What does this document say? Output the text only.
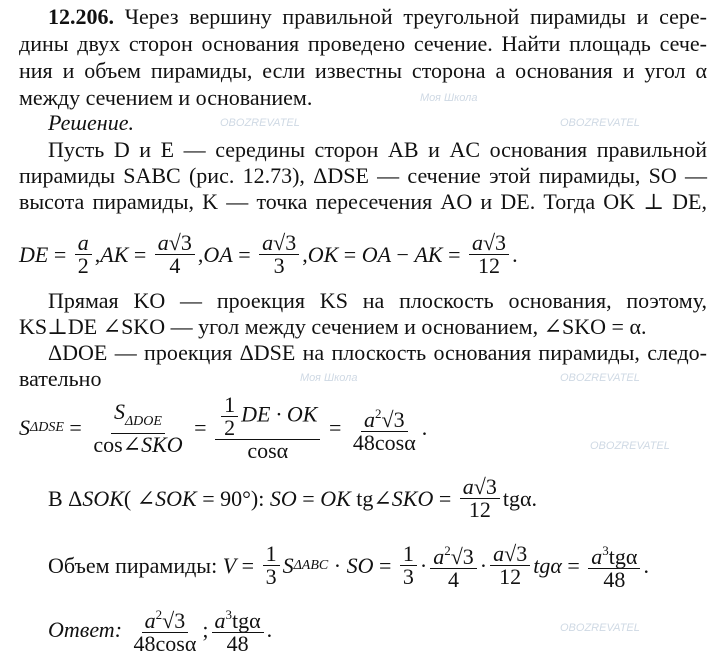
12.206. Через вершину правильной треугольной пирамиды и сере-
дины двух сторон основания проведено сечение. Найти площадь сече-
ния и объем пирамиды, если известны сторона a основания и угол α
между сечением и основанием.
Решение.
Пусть D и E — середины сторон AB и AC основания правильной
пирамиды SABC (рис. 12.73), ΔDSE — сечение этой пирамиды, SO —
высота пирамиды, K — точка пересечения AO и DE. Тогда OK ⊥ DE,
DE = $\frac{a}{2}$ , AK = $\frac{a√3}{4}$ , OA = $\frac{a√3}{3}$ , OK = OA − AK = $\frac{a√3}{12}$ .
Прямая KO — проекция KS на плоскость основания, поэтому,
KS⊥DE ∠SKO — угол между сечением и основанием, ∠SKO = α.
ΔDOE — проекция ΔDSE на плоскость основания пирамиды, следо-
вательно
S $\Delta DSE = \frac{S_{\Delta DOE}}{\text{cos∠SKO}} = \frac{\frac{1}{2} DE \cdot OK}{\cos\alpha} = \frac{a^2√3}{48\cos\alpha}$ .
В Δ SOK ( ∠SOK = 90°): SO = OK tg ∠SKO = $\frac{a√3}{12} tg\alpha$.
Объем пирамиды: $V = \frac{1}{3}$ S ΔABC · SO = $\frac{1}{3} \cdot \frac{a^2√3}{4} \cdot \frac{a√3}{12}$ $tg\alpha = \frac{a^3tg\alpha}{48}$ .
Ответ: $\frac{a^2√3}{48\cos\alpha}$ ; $\frac{a^3tg\alpha}{48}$ .
Моя Школа
OBOZREVATEL	OBOZREVATEL
Моя Школа	OBOZREVATEL
OBOZREVATEL
OBOZREVATEL
